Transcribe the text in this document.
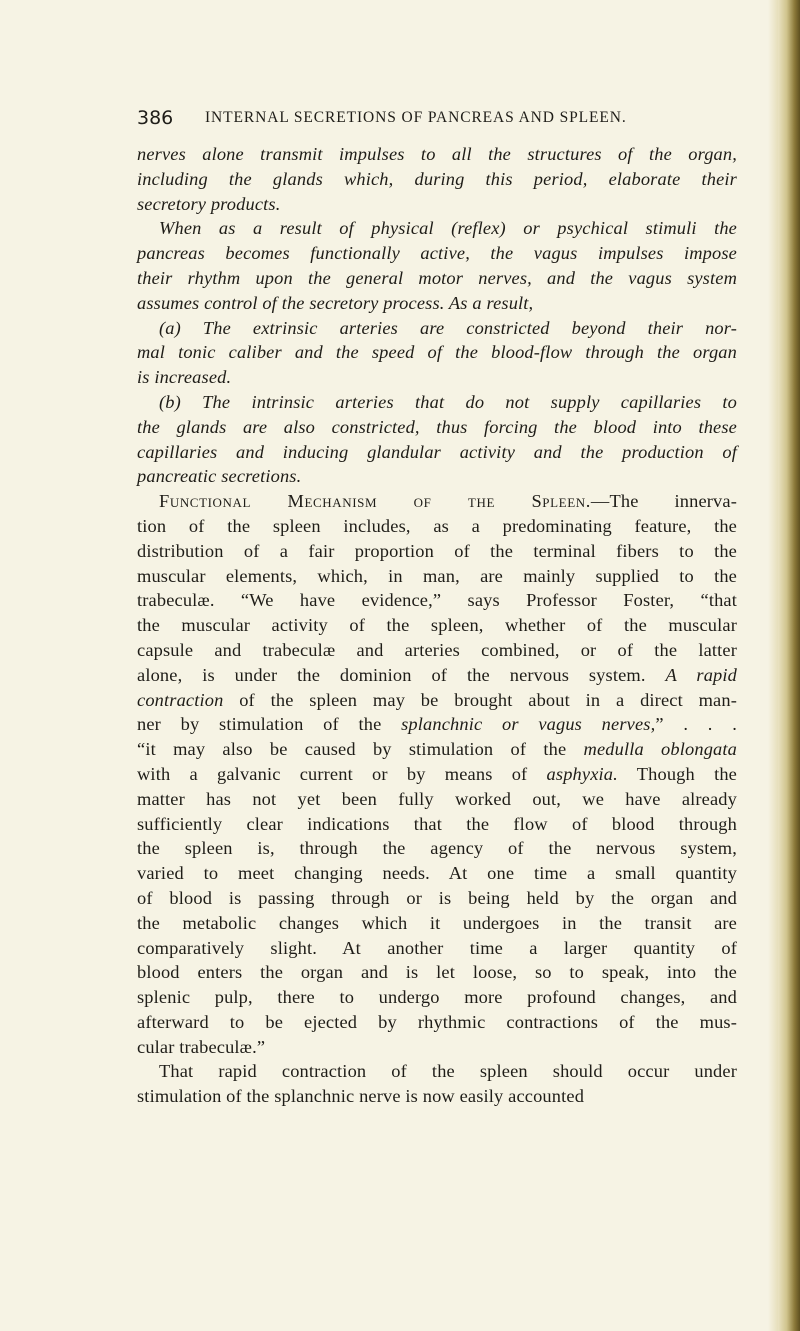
386 INTERNAL SECRETIONS OF PANCREAS AND SPLEEN.
nerves alone transmit impulses to all the structures of the organ,
including the glands which, during this period, elaborate their
secretory products.
When as a result of physical (reflex) or psychical stimuli the
pancreas becomes functionally active, the vagus impulses impose
their rhythm upon the general motor nerves, and the vagus system
assumes control of the secretory process. As a result,
(a) The extrinsic arteries are constricted beyond their nor-
mal tonic caliber and the speed of the blood-flow through the organ
is increased.
(b) The intrinsic arteries that do not supply capillaries to
the glands are also constricted, thus forcing the blood into these
capillaries and inducing glandular activity and the production of
pancreatic secretions.
Functional Mechanism of the Spleen.—The innerva-
tion of the spleen includes, as a predominating feature, the
distribution of a fair proportion of the terminal fibers to the
muscular elements, which, in man, are mainly supplied to the
trabeculæ. “We have evidence,” says Professor Foster, “that
the muscular activity of the spleen, whether of the muscular
capsule and trabeculæ and arteries combined, or of the latter
alone, is under the dominion of the nervous system. A rapid
contraction of the spleen may be brought about in a direct man-
ner by stimulation of the splanchnic or vagus nerves,” . . .
“it may also be caused by stimulation of the medulla oblongata
with a galvanic current or by means of asphyxia. Though the
matter has not yet been fully worked out, we have already
sufficiently clear indications that the flow of blood through
the spleen is, through the agency of the nervous system,
varied to meet changing needs. At one time a small quantity
of blood is passing through or is being held by the organ and
the metabolic changes which it undergoes in the transit are
comparatively slight. At another time a larger quantity of
blood enters the organ and is let loose, so to speak, into the
splenic pulp, there to undergo more profound changes, and
afterward to be ejected by rhythmic contractions of the mus-
cular trabeculæ.”
That rapid contraction of the spleen should occur under
stimulation of the splanchnic nerve is now easily accounted
